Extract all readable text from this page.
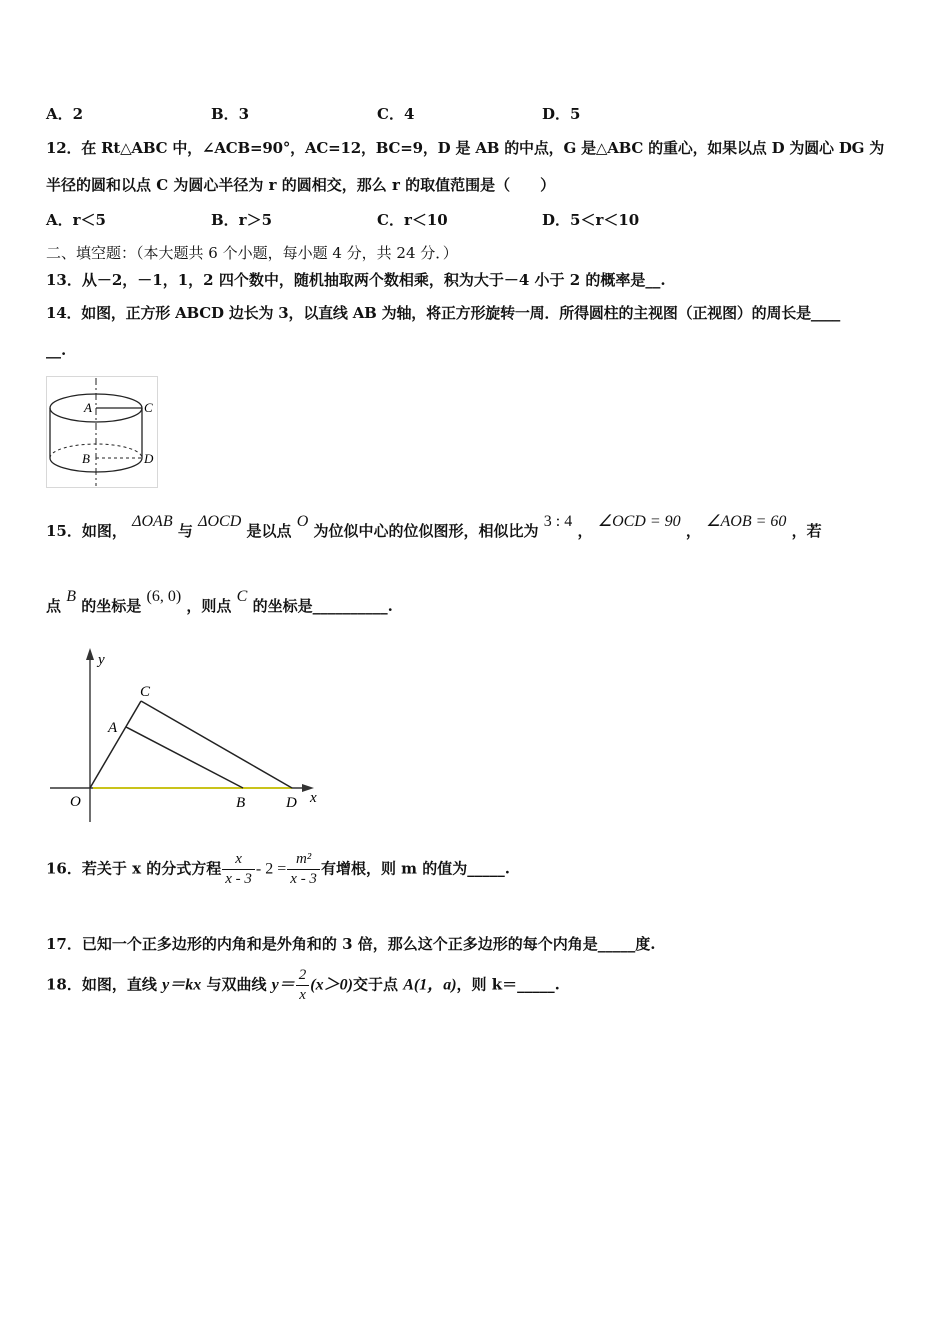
A．2	B．3	C．4	D．5
12．在 Rt△ABC 中，∠ACB=90°，AC=12，BC=9，D 是 AB 的中点，G 是△ABC 的重心，如果以点 D 为圆心 DG 为
半径的圆和以点 C 为圆心半径为 r 的圆相交，那么 r 的取值范围是（　　）
A．r＜5	B．r＞5	C．r＜10	D．5＜r＜10
二、填空题：（本大题共 6 个小题，每小题 4 分，共 24 分．）
13．从－2，－1，1，2 四个数中，随机抽取两个数相乘，积为大于－4 小于 2 的概率是__.
14．如图，正方形 ABCD 边长为 3，以直线 AB 为轴，将正方形旋转一周．所得圆柱的主视图（正视图）的周长是____
__.
A	C
B	D
15．如图， ΔOAB 与 ΔOCD 是以点 O 为位似中心的位似图形，相似比为 3 : 4 ， ∠OCD = 90 ， ∠AOB = 60 ，若
点 B 的坐标是 (6, 0) ，则点 C 的坐标是__________.
y
x
O
A
C
B	D
16．若关于 x 的分式方程 $\frac{x}{x - 3} - 2 = \frac{\text{m²}}{x - 3}$ 有增根，则 m 的值为_____.
17．已知一个正多边形的内角和是外角和的 3 倍，那么这个正多边形的每个内角是_____度.
18．如图，直线 y＝kx 与双曲线 $y= \frac{2}{x} (x>0)$交于点 A(1，a)，则 k＝_____.
